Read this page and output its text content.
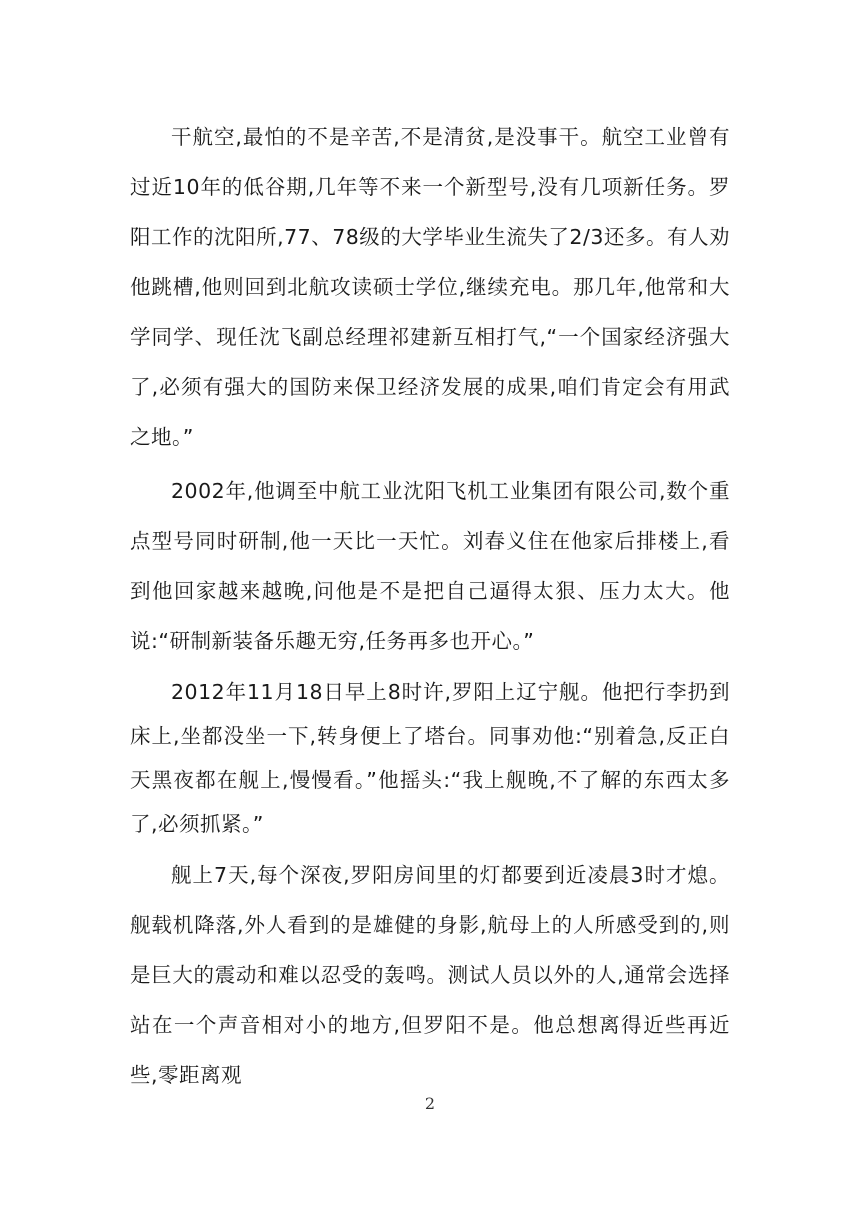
干航空,最怕的不是辛苦,不是清贫,是没事干。航空工业曾有过近10年的低谷期,几年等不来一个新型号,没有几项新任务。罗阳工作的沈阳所,77、78级的大学毕业生流失了2/3还多。有人劝他跳槽,他则回到北航攻读硕士学位,继续充电。那几年,他常和大学同学、现任沈飞副总经理祁建新互相打气,“一个国家经济强大了,必须有强大的国防来保卫经济发展的成果,咱们肯定会有用武之地。”

2002年,他调至中航工业沈阳飞机工业集团有限公司,数个重点型号同时研制,他一天比一天忙。刘春义住在他家后排楼上,看到他回家越来越晚,问他是不是把自己逼得太狠、压力太大。他说:“研制新装备乐趣无穷,任务再多也开心。”

2012年11月18日早上8时许,罗阳上辽宁舰。他把行李扔到床上,坐都没坐一下,转身便上了塔台。同事劝他:“别着急,反正白天黑夜都在舰上,慢慢看。”他摇头:“我上舰晚,不了解的东西太多了,必须抓紧。”

舰上7天,每个深夜,罗阳房间里的灯都要到近凌晨3时才熄。舰载机降落,外人看到的是雄健的身影,航母上的人所感受到的,则是巨大的震动和难以忍受的轰鸣。测试人员以外的人,通常会选择站在一个声音相对小的地方,但罗阳不是。他总想离得近些再近些,零距离观

2
